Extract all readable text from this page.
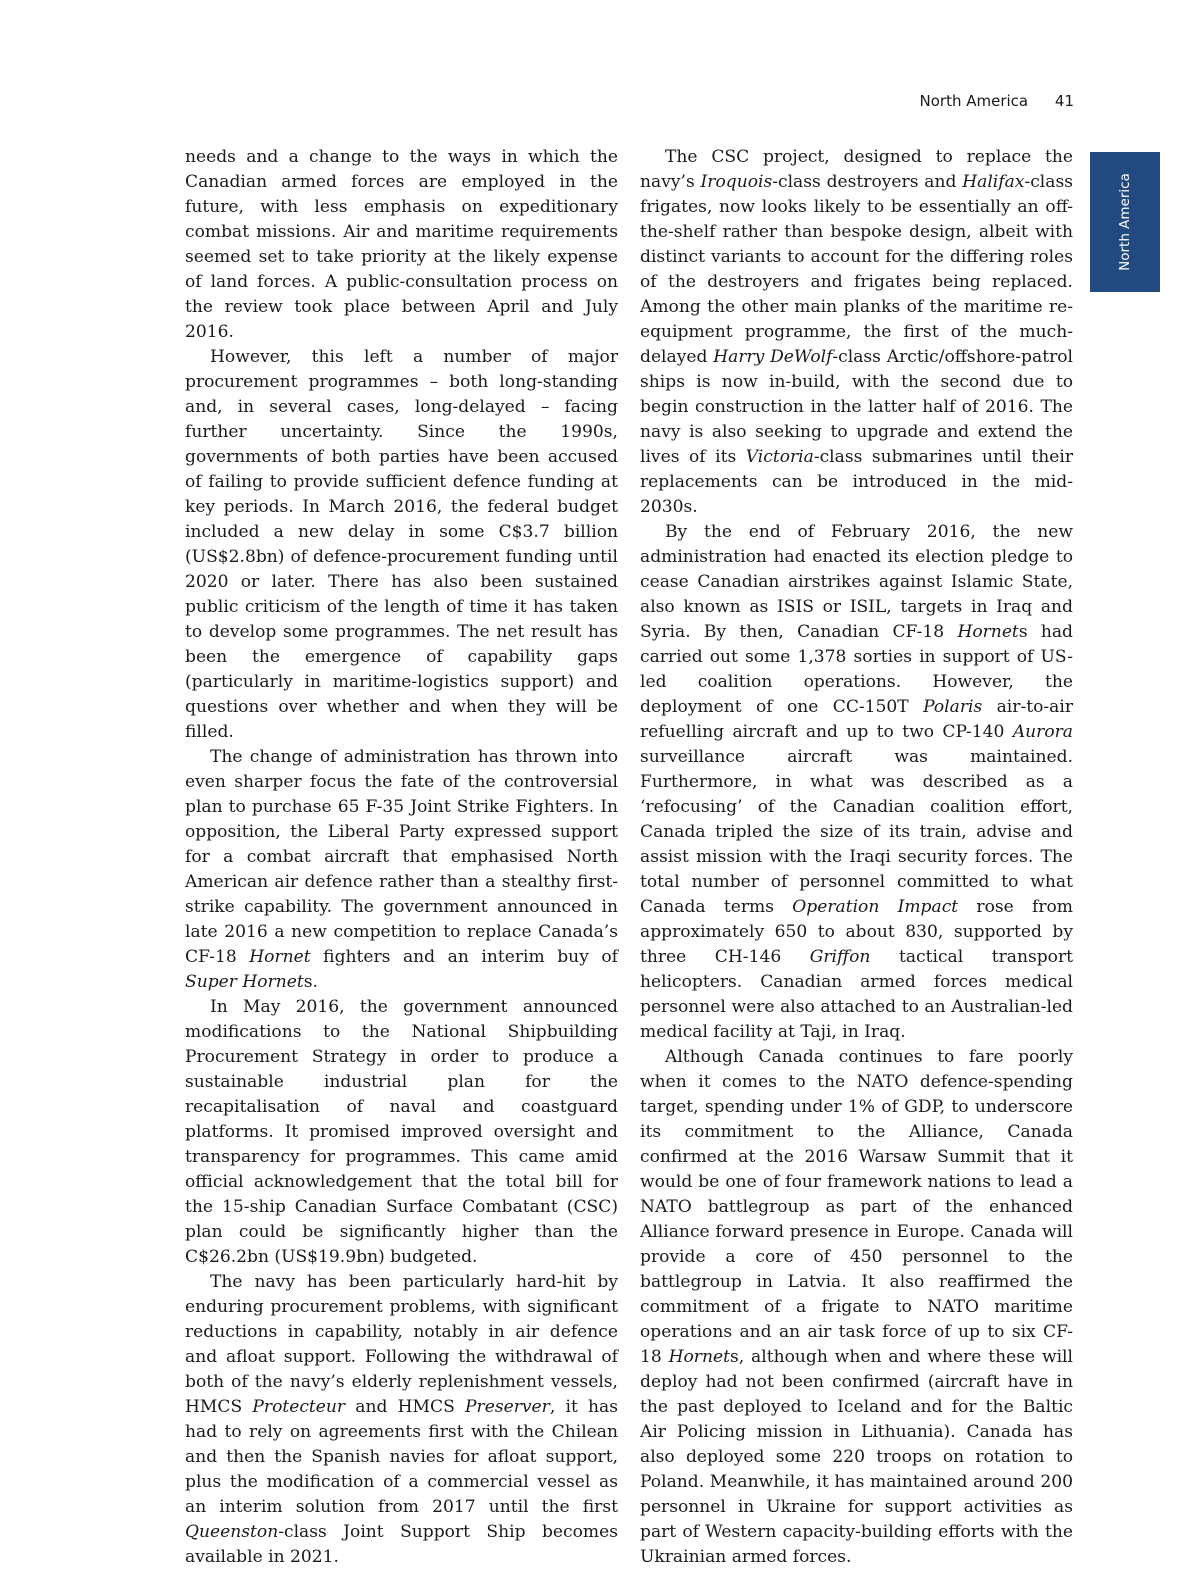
North America 41
North America

needs and a change to the ways in which the Canadian armed forces are employed in the future, with less emphasis on expeditionary combat missions. Air and maritime requirements seemed set to take priority at the likely expense of land forces. A public-consultation process on the review took place between April and July 2016.

However, this left a number of major procurement programmes – both long-standing and, in several cases, long-delayed – facing further uncertainty. Since the 1990s, governments of both parties have been accused of failing to provide sufficient defence funding at key periods. In March 2016, the federal budget included a new delay in some C$3.7 billion (US$2.8bn) of defence-procurement funding until 2020 or later. There has also been sustained public criticism of the length of time it has taken to develop some programmes. The net result has been the emergence of capability gaps (particularly in maritime-logistics support) and questions over whether and when they will be filled.

The change of administration has thrown into even sharper focus the fate of the controversial plan to purchase 65 F-35 Joint Strike Fighters. In opposition, the Liberal Party expressed support for a combat aircraft that emphasised North American air defence rather than a stealthy first-strike capability. The government announced in late 2016 a new competition to replace Canada’s CF-18 Hornet fighters and an interim buy of Super Hornets.

In May 2016, the government announced modifications to the National Shipbuilding Procurement Strategy in order to produce a sustainable industrial plan for the recapitalisation of naval and coastguard platforms. It promised improved oversight and transparency for programmes. This came amid official acknowledgement that the total bill for the 15-ship Canadian Surface Combatant (CSC) plan could be significantly higher than the C$26.2bn (US$19.9bn) budgeted.

The navy has been particularly hard-hit by enduring procurement problems, with significant reductions in capability, notably in air defence and afloat support. Following the withdrawal of both of the navy’s elderly replenishment vessels, HMCS Protecteur and HMCS Preserver, it has had to rely on agreements first with the Chilean and then the Spanish navies for afloat support, plus the modification of a commercial vessel as an interim solution from 2017 until the first Queenston-class Joint Support Ship becomes available in 2021.

The CSC project, designed to replace the navy’s Iroquois-class destroyers and Halifax-class frigates, now looks likely to be essentially an off-the-shelf rather than bespoke design, albeit with distinct variants to account for the differing roles of the destroyers and frigates being replaced. Among the other main planks of the maritime re-equipment programme, the first of the much-delayed Harry DeWolf-class Arctic/offshore-patrol ships is now in-build, with the second due to begin construction in the latter half of 2016. The navy is also seeking to upgrade and extend the lives of its Victoria-class submarines until their replacements can be introduced in the mid-2030s.

By the end of February 2016, the new administration had enacted its election pledge to cease Canadian airstrikes against Islamic State, also known as ISIS or ISIL, targets in Iraq and Syria. By then, Canadian CF-18 Hornets had carried out some 1,378 sorties in support of US-led coalition operations. However, the deployment of one CC-150T Polaris air-to-air refuelling aircraft and up to two CP-140 Aurora surveillance aircraft was maintained. Furthermore, in what was described as a ‘refocusing’ of the Canadian coalition effort, Canada tripled the size of its train, advise and assist mission with the Iraqi security forces. The total number of personnel committed to what Canada terms Operation Impact rose from approximately 650 to about 830, supported by three CH-146 Griffon tactical transport helicopters. Canadian armed forces medical personnel were also attached to an Australian-led medical facility at Taji, in Iraq.

Although Canada continues to fare poorly when it comes to the NATO defence-spending target, spending under 1% of GDP, to underscore its commitment to the Alliance, Canada confirmed at the 2016 Warsaw Summit that it would be one of four framework nations to lead a NATO battlegroup as part of the enhanced Alliance forward presence in Europe. Canada will provide a core of 450 personnel to the battlegroup in Latvia. It also reaffirmed the commitment of a frigate to NATO maritime operations and an air task force of up to six CF-18 Hornets, although when and where these will deploy had not been confirmed (aircraft have in the past deployed to Iceland and for the Baltic Air Policing mission in Lithuania). Canada has also deployed some 220 troops on rotation to Poland. Meanwhile, it has maintained around 200 personnel in Ukraine for support activities as part of Western capacity-building efforts with the Ukrainian armed forces.
